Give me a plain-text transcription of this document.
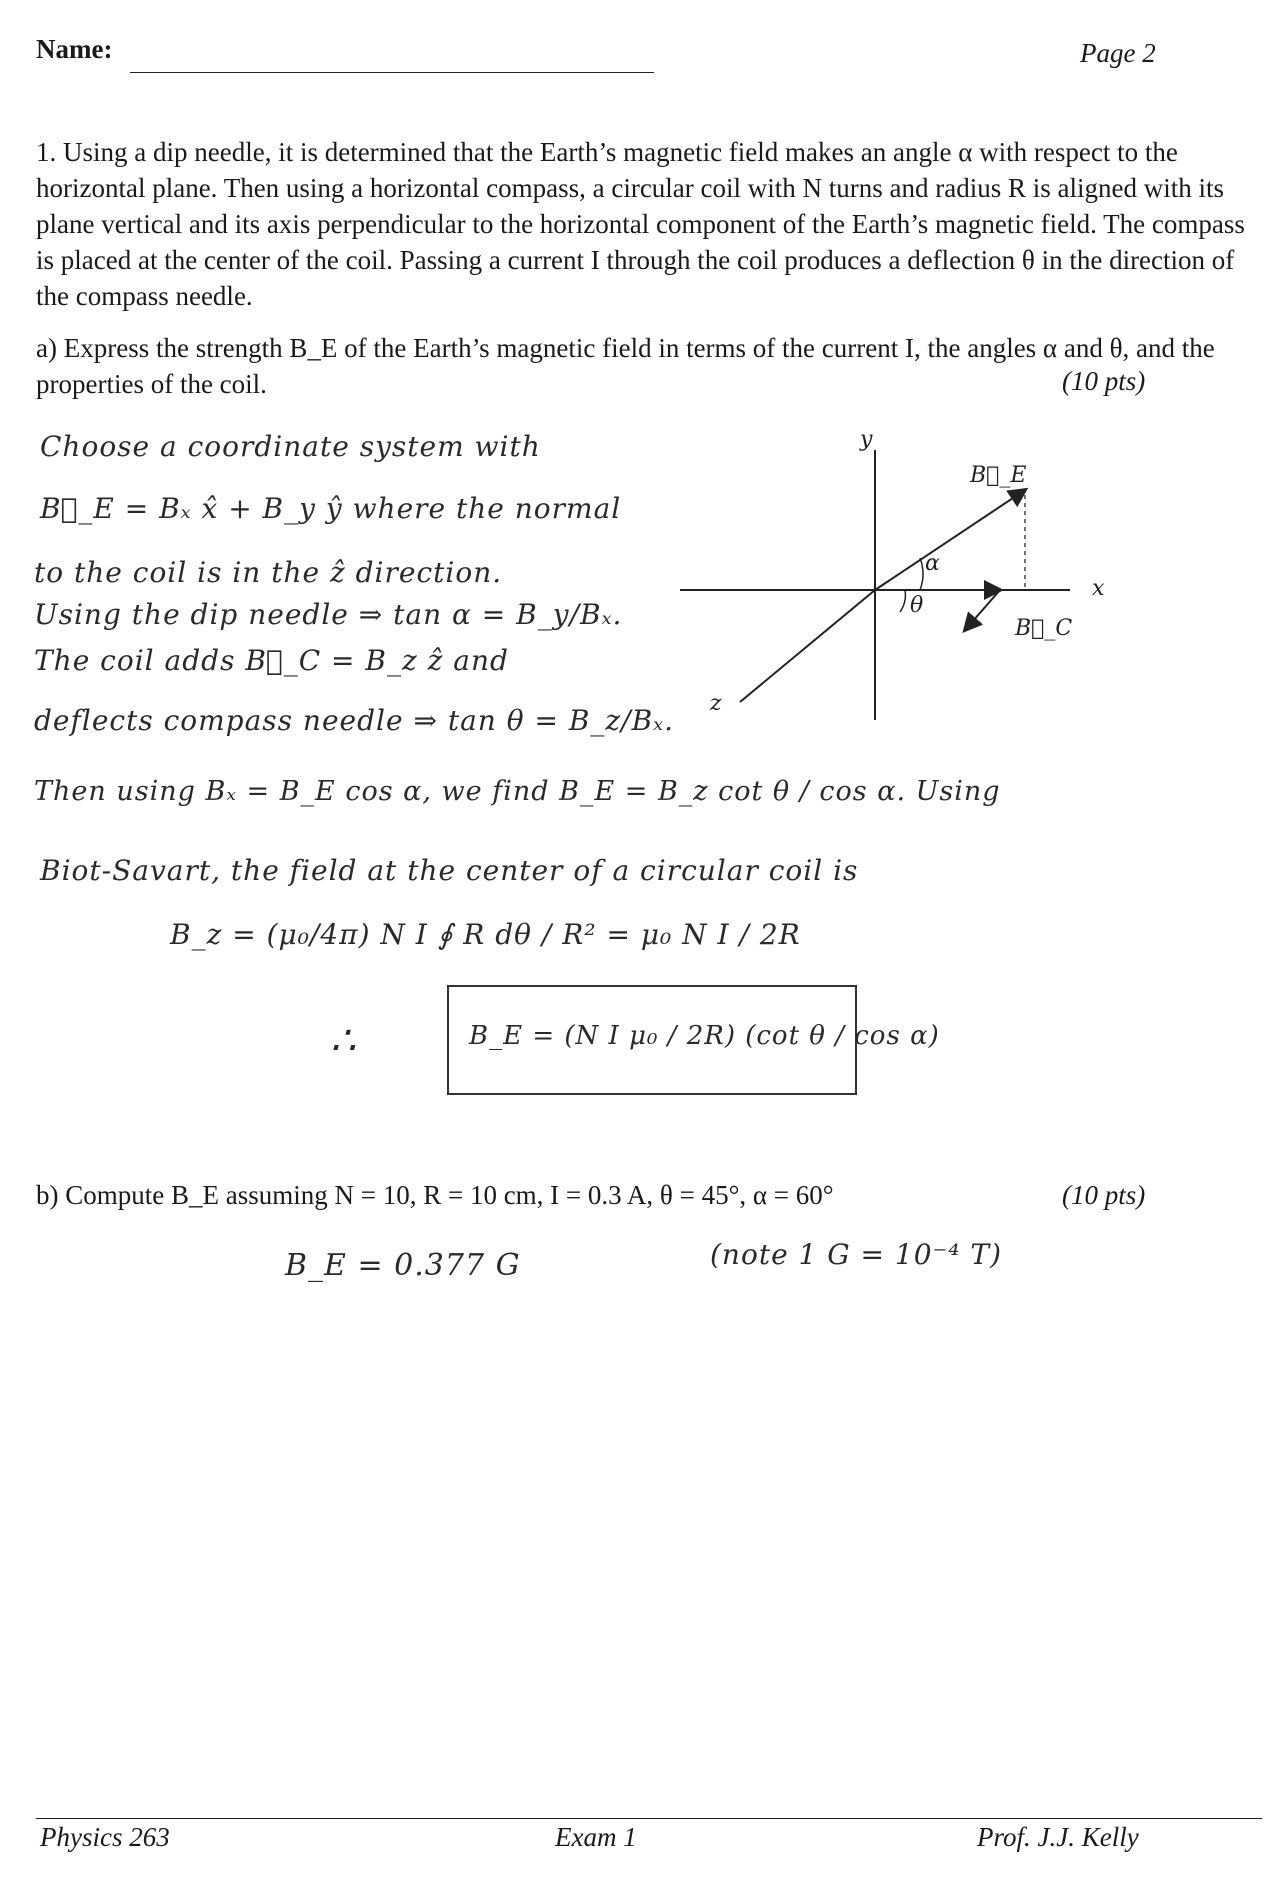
Name:	Page 2
1. Using a dip needle, it is determined that the Earth’s magnetic field makes an angle α with respect to the horizontal plane. Then using a horizontal compass, a circular coil with N turns and radius R is aligned with its plane vertical and its axis perpendicular to the horizontal component of the Earth’s magnetic field. The compass is placed at the center of the coil. Passing a current I through the coil produces a deflection θ in the direction of the compass needle.
a) Express the strength B_E of the Earth’s magnetic field in terms of the current I, the angles α and θ, and the properties of the coil.	(10 pts)
Choose a coordinate system with
B⃗_E = Bₓ x̂ + B_y ŷ where the normal
to the coil is in the ẑ direction.
Using the dip needle ⇒ tan α = B_y/Bₓ.
The coil adds B⃗_C = B_z ẑ and
deflects compass needle ⇒ tan θ = B_z/Bₓ.
Then using Bₓ = B_E cos α, we find B_E = B_z cot θ / cos α. Using
Biot-Savart, the field at the center of a circular coil is
B_z = (μ₀/4π) N I ∮ R dθ / R² = μ₀ N I / 2R
∴	B_E = (N I μ₀ / 2R) (cot θ / cos α)
b) Compute B_E assuming N = 10, R = 10 cm, I = 0.3 A, θ = 45°, α = 60°	(10 pts)
B_E = 0.377 G	(note 1 G = 10⁻⁴ T)
y
x
z
α
θ
B⃗_E
B⃗_C
Physics 263	Exam 1	Prof. J.J. Kelly
